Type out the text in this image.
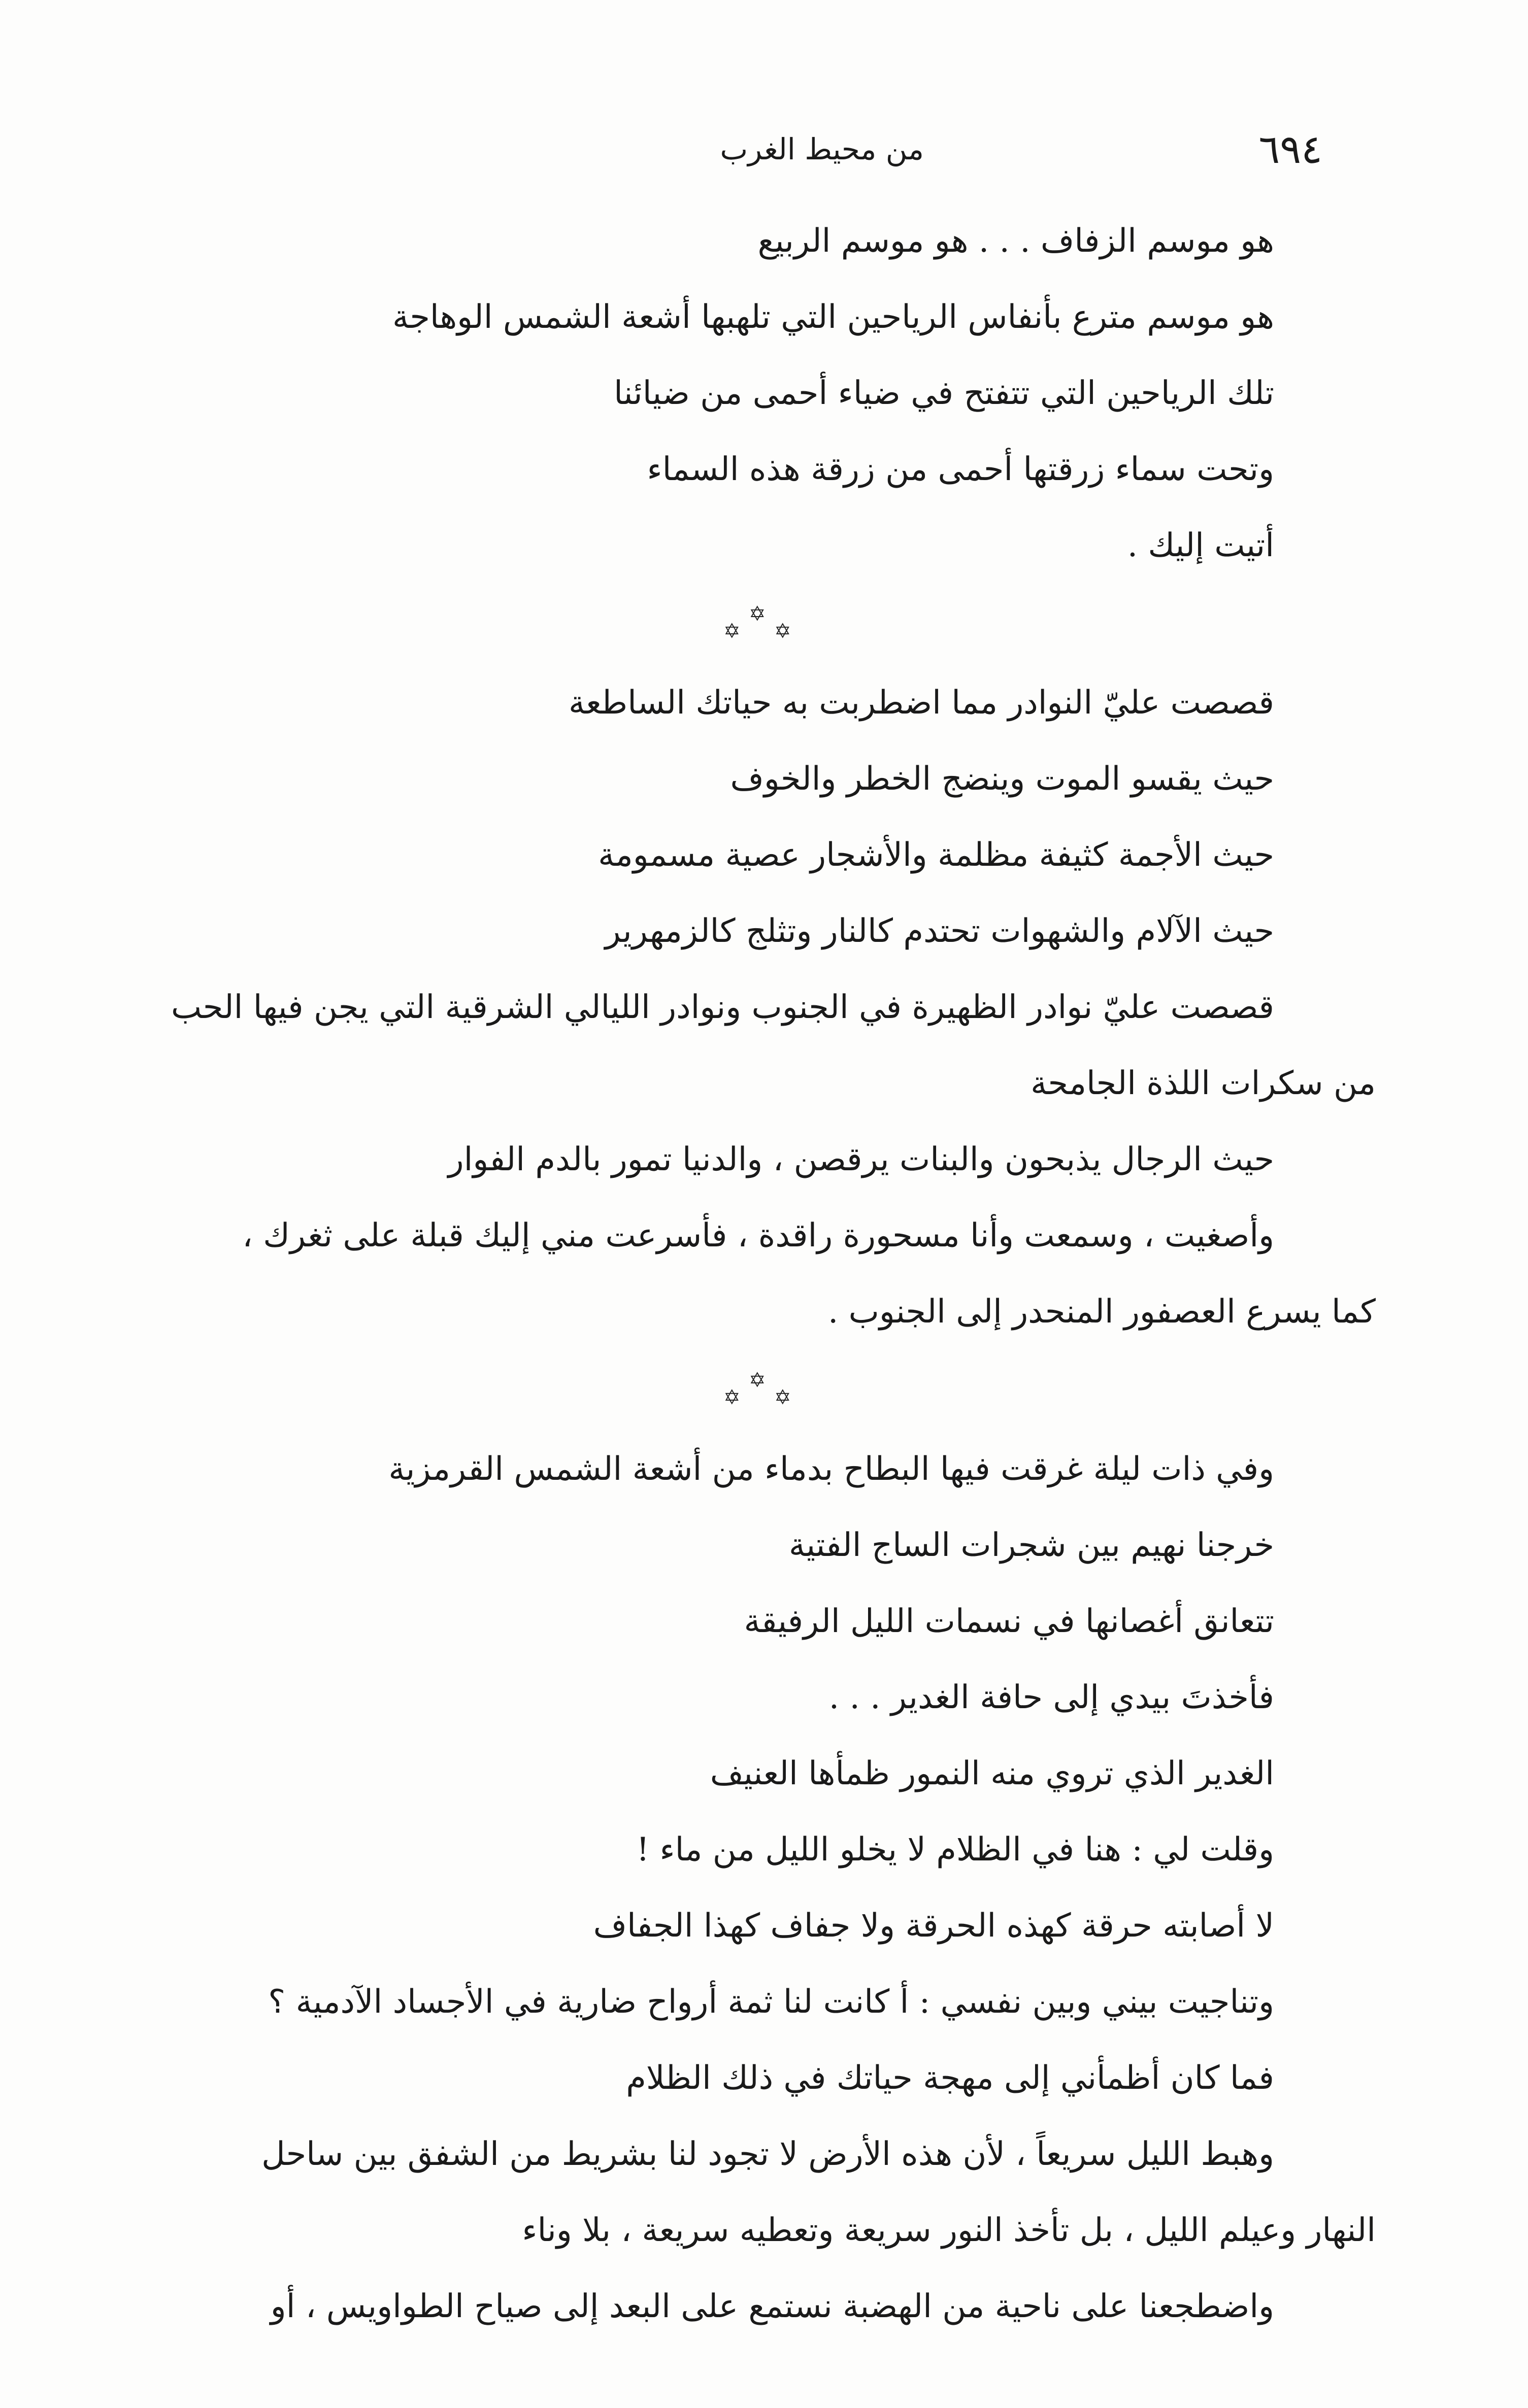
٦٩٤
من محيط الغرب
هو موسم الزفاف . . . هو موسم الربيع
هو موسم مترع بأنفاس الرياحين التي تلهبها أشعة الشمس الوهاجة
تلك الرياحين التي تتفتح في ضياء أحمى من ضيائنا
وتحت سماء زرقتها أحمى من زرقة هذه السماء
أتيت إليك .
✡
✡
✡
قصصت عليّ النوادر مما اضطربت به حياتك الساطعة
حيث يقسو الموت وينضج الخطر والخوف
حيث الأجمة كثيفة مظلمة والأشجار عصية مسمومة
حيث الآلام والشهوات تحتدم كالنار وتثلج كالزمهرير
قصصت عليّ نوادر الظهيرة في الجنوب ونوادر الليالي الشرقية التي يجن فيها الحب
من سكرات اللذة الجامحة
حيث الرجال يذبحون والبنات يرقصن ، والدنيا تمور بالدم الفوار
وأصغيت ، وسمعت وأنا مسحورة راقدة ، فأسرعت مني إليك قبلة على ثغرك ،
كما يسرع العصفور المنحدر إلى الجنوب .
✡
✡
✡
وفي ذات ليلة غرقت فيها البطاح بدماء من أشعة الشمس القرمزية
خرجنا نهيم بين شجرات الساج الفتية
تتعانق أغصانها في نسمات الليل الرفيقة
فأخذتَ بيدي إلى حافة الغدير . . .
الغدير الذي تروي منه النمور ظمأها العنيف
وقلت لي : هنا في الظلام لا يخلو الليل من ماء !
لا أصابته حرقة كهذه الحرقة ولا جفاف كهذا الجفاف
وتناجيت بيني وبين نفسي : أ كانت لنا ثمة أرواح ضارية في الأجساد الآدمية ؟
فما كان أظمأني إلى مهجة حياتك في ذلك الظلام
وهبط الليل سريعاً ، لأن هذه الأرض لا تجود لنا بشريط من الشفق بين ساحل
النهار وعيلم الليل ، بل تأخذ النور سريعة وتعطيه سريعة ، بلا وناء
واضطجعنا على ناحية من الهضبة نستمع على البعد إلى صياح الطواويس ، أو
